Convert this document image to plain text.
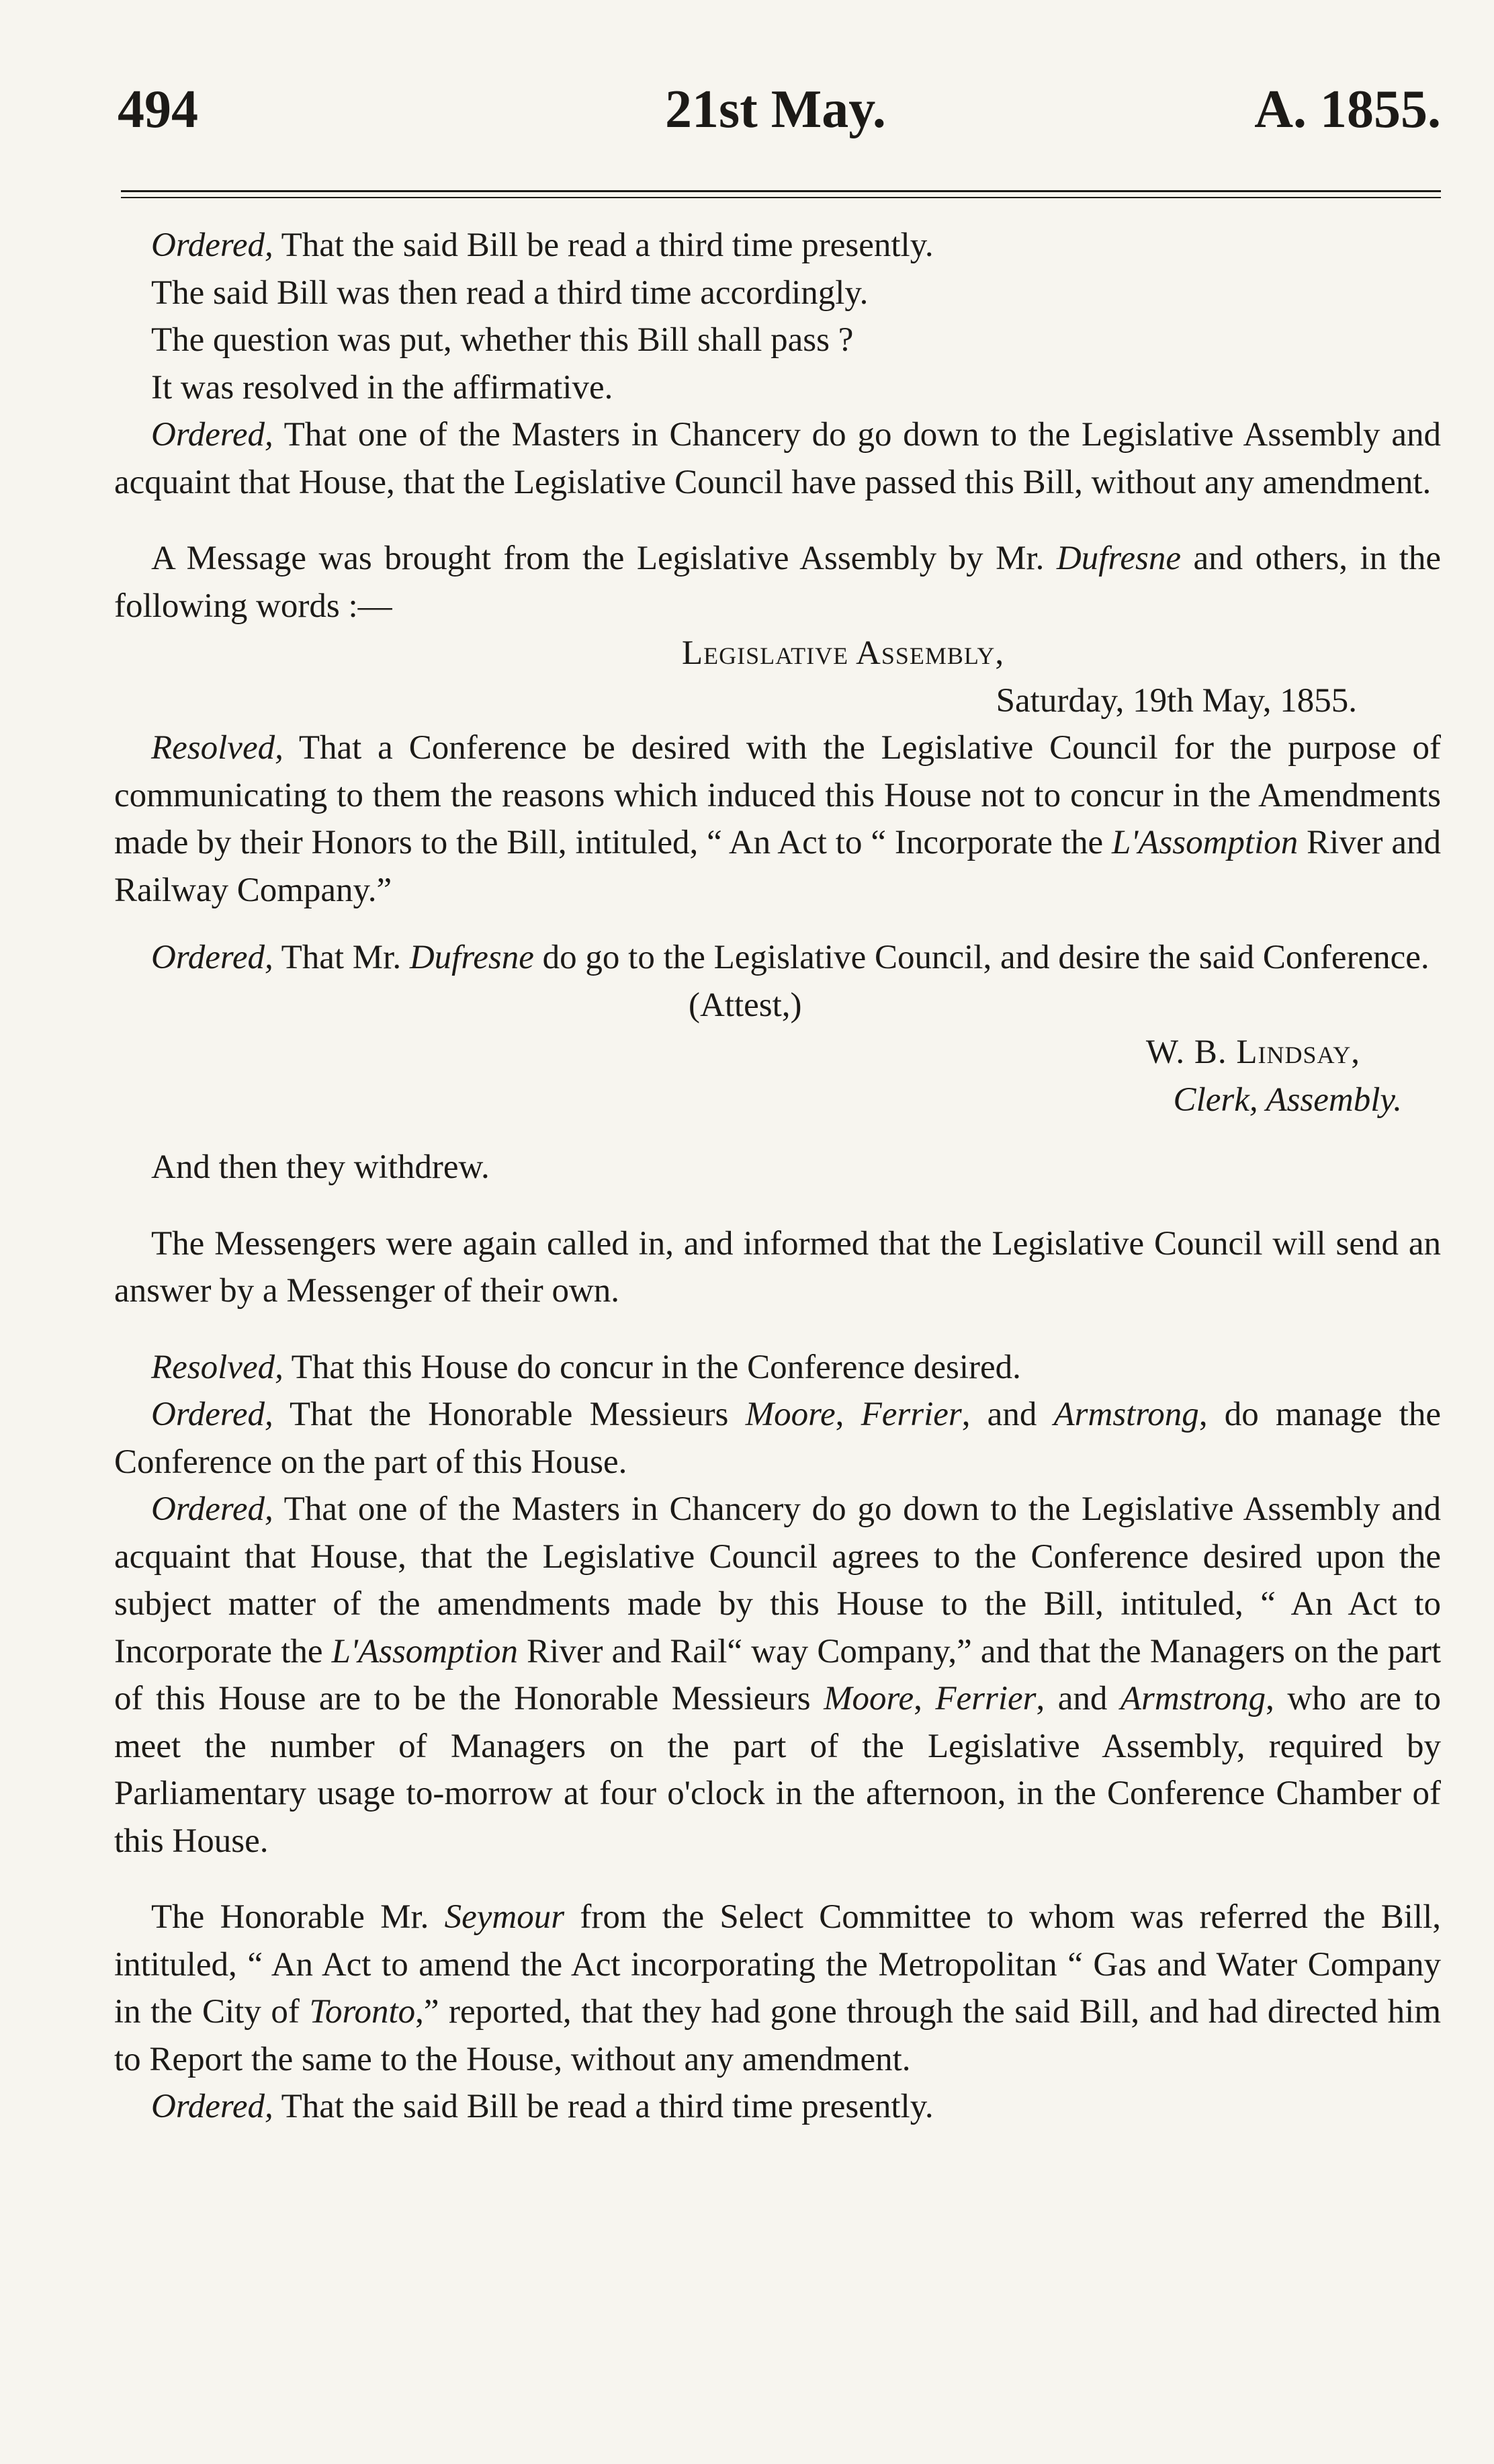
494	21st May.	A. 1855.

Ordered, That the said Bill be read a third time presently.

The said Bill was then read a third time accordingly.

The question was put, whether this Bill shall pass ?

It was resolved in the affirmative.

Ordered, That one of the Masters in Chancery do go down to the Legislative Assembly and acquaint that House, that the Legislative Council have passed this Bill, without any amendment.

A Message was brought from the Legislative Assembly by Mr. Dufresne and others, in the following words :—

Legislative Assembly,

Saturday, 19th May, 1855.

Resolved, That a Conference be desired with the Legislative Council for the purpose of communicating to them the reasons which induced this House not to concur in the Amendments made by their Honors to the Bill, intituled, “ An Act to “ Incorporate the L'Assomption River and Railway Company.”

Ordered, That Mr. Dufresne do go to the Legislative Council, and desire the said Conference.

(Attest,)

W. B. Lindsay,

Clerk, Assembly.

And then they withdrew.

The Messengers were again called in, and informed that the Legislative Council will send an answer by a Messenger of their own.

Resolved, That this House do concur in the Conference desired.

Ordered, That the Honorable Messieurs Moore, Ferrier, and Armstrong, do manage the Conference on the part of this House.

Ordered, That one of the Masters in Chancery do go down to the Legislative Assembly and acquaint that House, that the Legislative Council agrees to the Conference desired upon the subject matter of the amendments made by this House to the Bill, intituled, “ An Act to Incorporate the L'Assomption River and Rail“ way Company,” and that the Managers on the part of this House are to be the Honorable Messieurs Moore, Ferrier, and Armstrong, who are to meet the number of Managers on the part of the Legislative Assembly, required by Parliamentary usage to-morrow at four o'clock in the afternoon, in the Conference Chamber of this House.

The Honorable Mr. Seymour from the Select Committee to whom was referred the Bill, intituled, “ An Act to amend the Act incorporating the Metropolitan “ Gas and Water Company in the City of Toronto,” reported, that they had gone through the said Bill, and had directed him to Report the same to the House, without any amendment.

Ordered, That the said Bill be read a third time presently.
